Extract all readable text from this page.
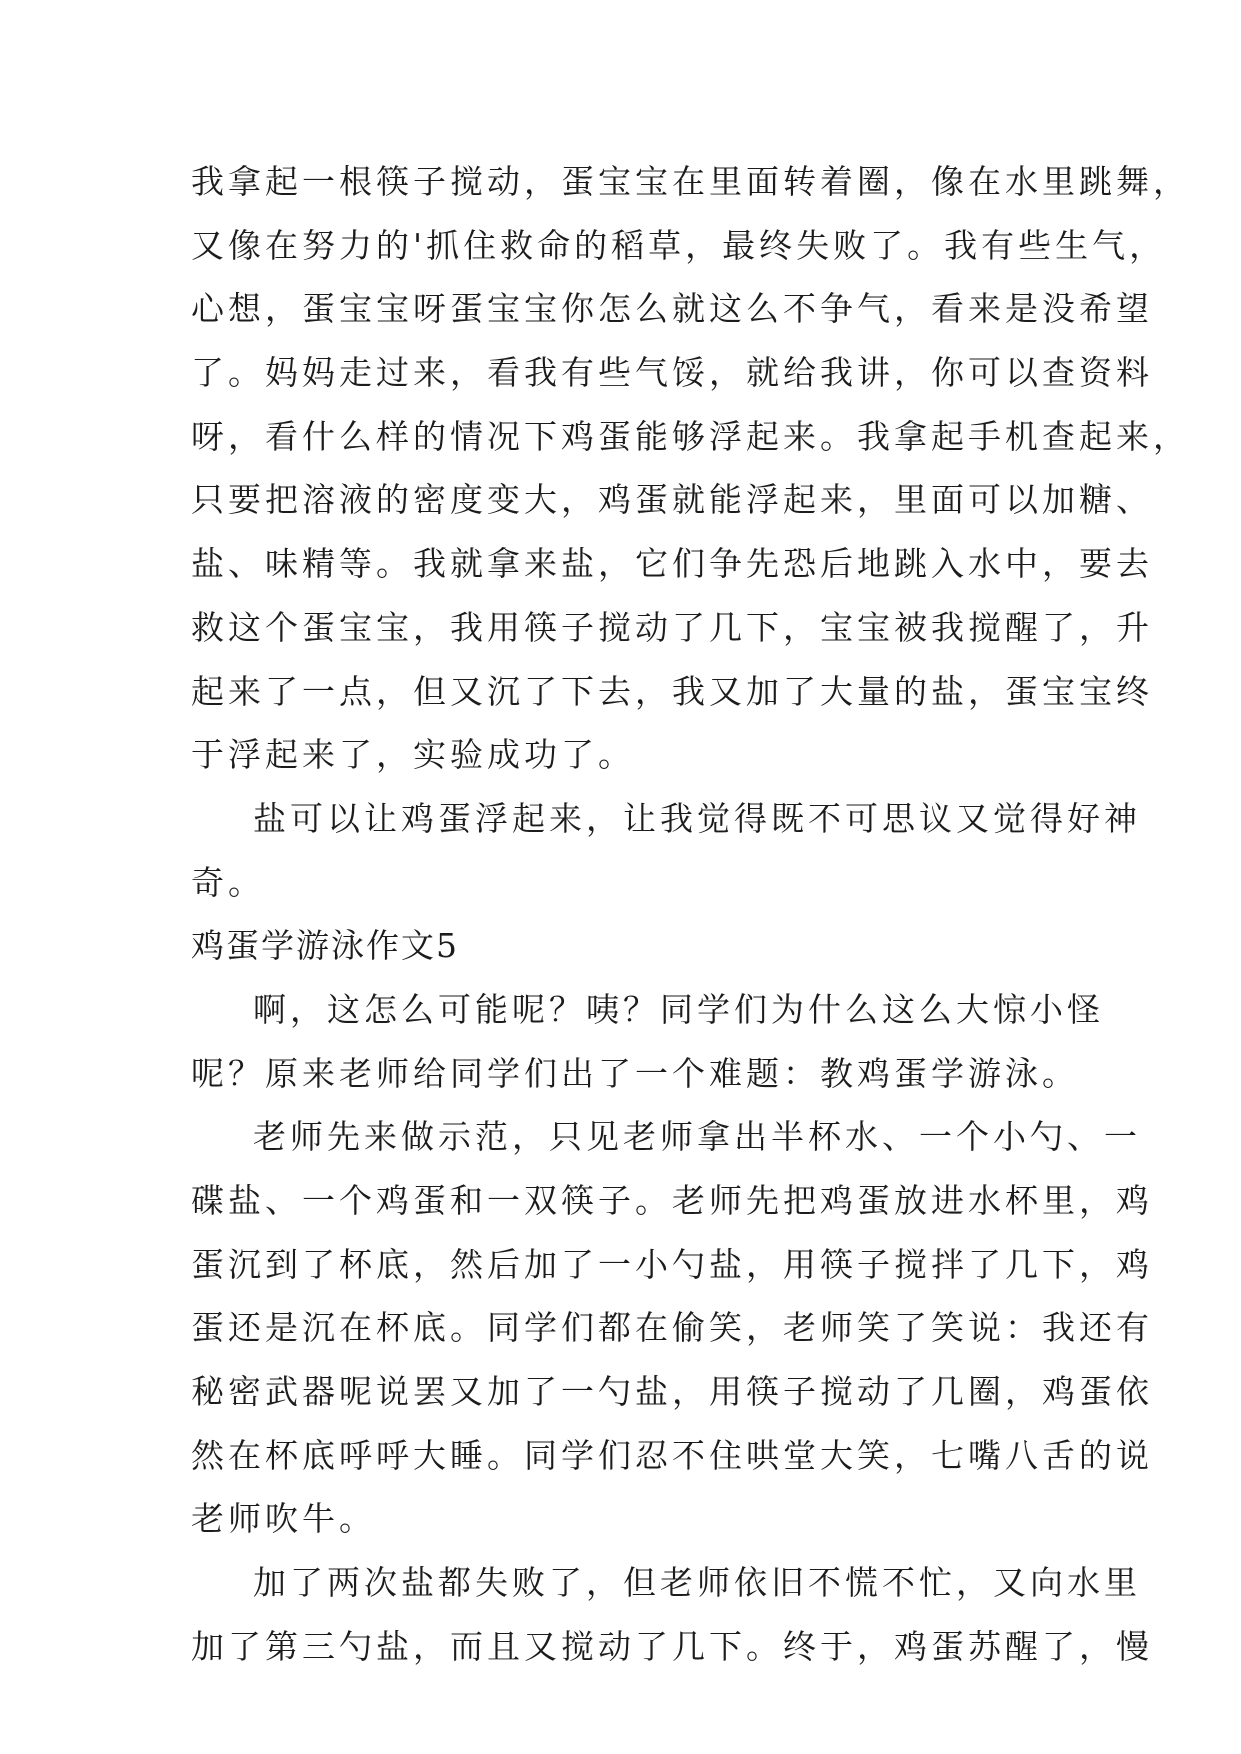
我拿起一根筷子搅动，蛋宝宝在里面转着圈，像在水里跳舞，
又像在努力的'抓住救命的稻草，最终失败了。我有些生气，
心想，蛋宝宝呀蛋宝宝你怎么就这么不争气，看来是没希望
了。妈妈走过来，看我有些气馁，就给我讲，你可以查资料
呀，看什么样的情况下鸡蛋能够浮起来。我拿起手机查起来，
只要把溶液的密度变大，鸡蛋就能浮起来，里面可以加糖、
盐、味精等。我就拿来盐，它们争先恐后地跳入水中，要去
救这个蛋宝宝，我用筷子搅动了几下，宝宝被我搅醒了，升
起来了一点，但又沉了下去，我又加了大量的盐，蛋宝宝终
于浮起来了，实验成功了。
盐可以让鸡蛋浮起来，让我觉得既不可思议又觉得好神
奇。
鸡蛋学游泳作文5
啊，这怎么可能呢？咦？同学们为什么这么大惊小怪
呢？原来老师给同学们出了一个难题：教鸡蛋学游泳。
老师先来做示范，只见老师拿出半杯水、一个小勺、一
碟盐、一个鸡蛋和一双筷子。老师先把鸡蛋放进水杯里，鸡
蛋沉到了杯底，然后加了一小勺盐，用筷子搅拌了几下，鸡
蛋还是沉在杯底。同学们都在偷笑，老师笑了笑说：我还有
秘密武器呢说罢又加了一勺盐，用筷子搅动了几圈，鸡蛋依
然在杯底呼呼大睡。同学们忍不住哄堂大笑，七嘴八舌的说
老师吹牛。
加了两次盐都失败了，但老师依旧不慌不忙，又向水里
加了第三勺盐，而且又搅动了几下。终于，鸡蛋苏醒了，慢
